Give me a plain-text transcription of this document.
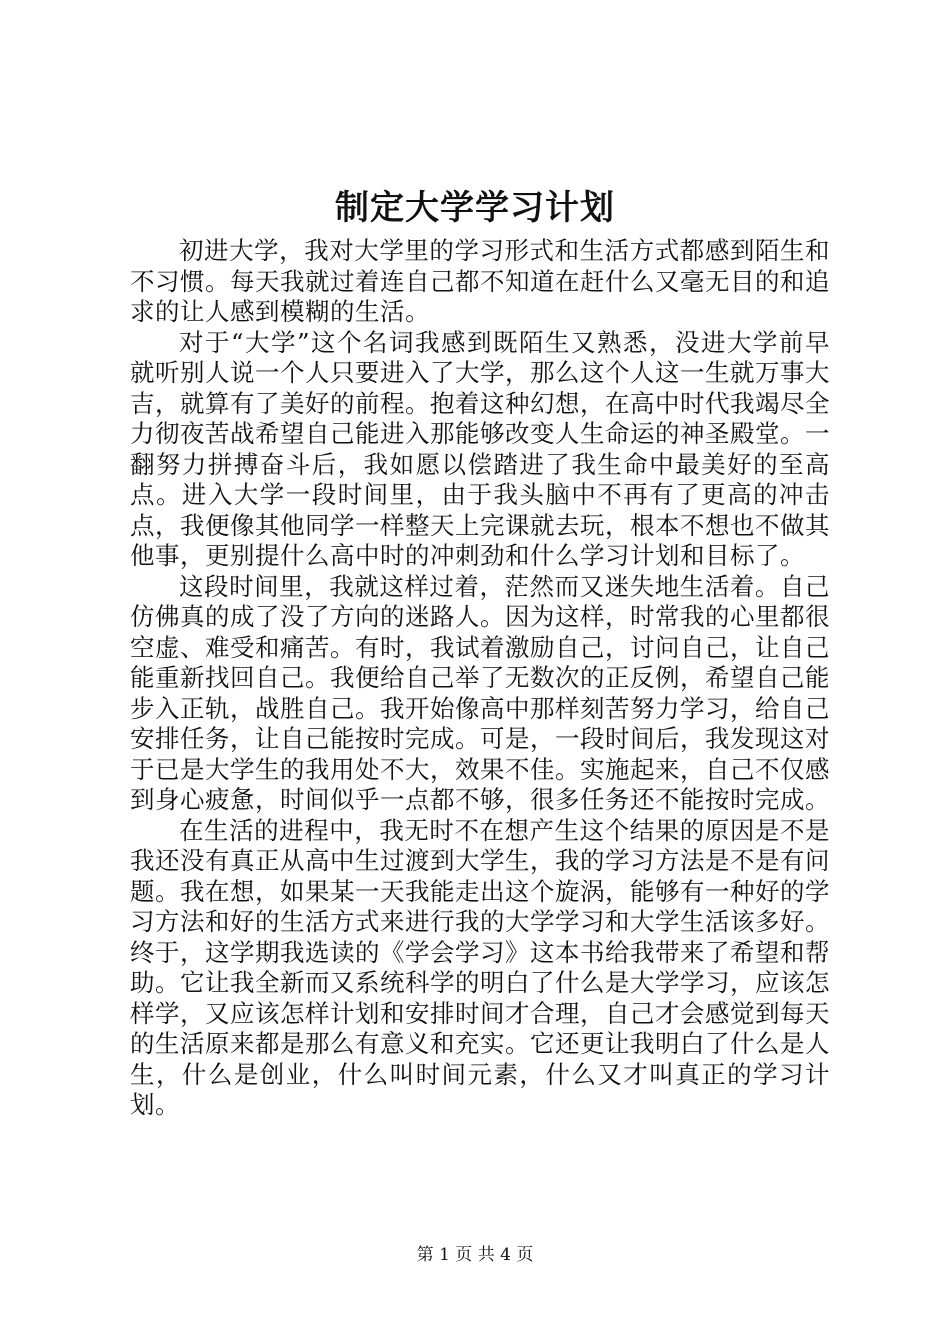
制定大学学习计划

初进大学，我对大学里的学习形式和生活方式都感到陌生和不习惯。每天我就过着连自己都不知道在赶什么又毫无目的和追求的让人感到模糊的生活。

对于“大学”这个名词我感到既陌生又熟悉，没进大学前早就听别人说一个人只要进入了大学，那么这个人这一生就万事大吉，就算有了美好的前程。抱着这种幻想，在高中时代我竭尽全力彻夜苦战希望自己能进入那能够改变人生命运的神圣殿堂。一翻努力拼搏奋斗后，我如愿以偿踏进了我生命中最美好的至高点。进入大学一段时间里，由于我头脑中不再有了更高的冲击点，我便像其他同学一样整天上完课就去玩，根本不想也不做其他事，更别提什么高中时的冲刺劲和什么学习计划和目标了。

这段时间里，我就这样过着，茫然而又迷失地生活着。自己仿佛真的成了没了方向的迷路人。因为这样，时常我的心里都很空虚、难受和痛苦。有时，我试着激励自己，讨问自己，让自己能重新找回自己。我便给自己举了无数次的正反例，希望自己能步入正轨，战胜自己。我开始像高中那样刻苦努力学习，给自己安排任务，让自己能按时完成。可是，一段时间后，我发现这对于已是大学生的我用处不大，效果不佳。实施起来，自己不仅感到身心疲惫，时间似乎一点都不够，很多任务还不能按时完成。

在生活的进程中，我无时不在想产生这个结果的原因是不是我还没有真正从高中生过渡到大学生，我的学习方法是不是有问题。我在想，如果某一天我能走出这个旋涡，能够有一种好的学习方法和好的生活方式来进行我的大学学习和大学生活该多好。终于，这学期我选读的《学会学习》这本书给我带来了希望和帮助。它让我全新而又系统科学的明白了什么是大学学习，应该怎样学，又应该怎样计划和安排时间才合理，自己才会感觉到每天的生活原来都是那么有意义和充实。它还更让我明白了什么是人生，什么是创业，什么叫时间元素，什么又才叫真正的学习计划。

第 1 页 共 4 页
